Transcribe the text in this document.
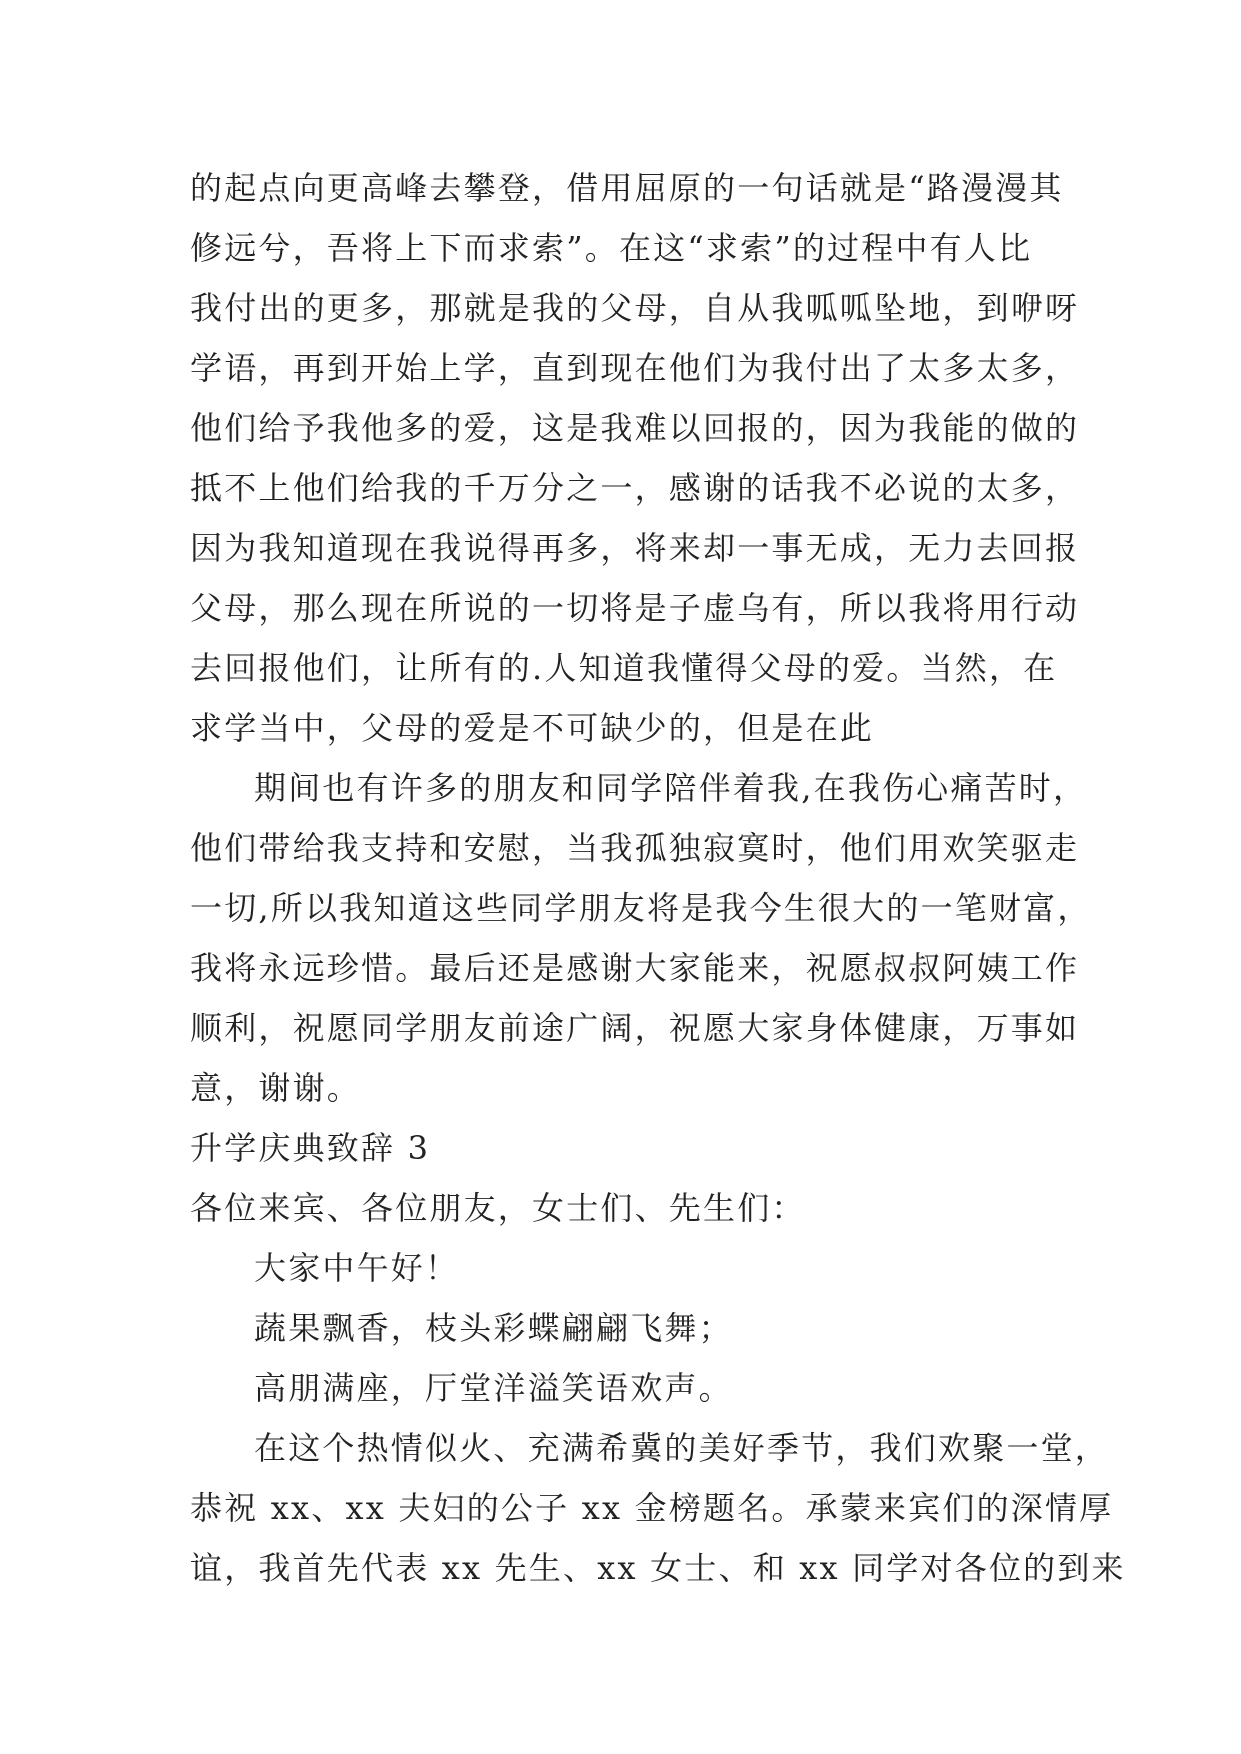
的起点向更高峰去攀登，借用屈原的一句话就是“路漫漫其
修远兮，吾将上下而求索”。在这“求索”的过程中有人比
我付出的更多，那就是我的父母，自从我呱呱坠地，到咿呀
学语，再到开始上学，直到现在他们为我付出了太多太多，
他们给予我他多的爱，这是我难以回报的，因为我能的做的
抵不上他们给我的千万分之一，感谢的话我不必说的太多，
因为我知道现在我说得再多，将来却一事无成，无力去回报
父母，那么现在所说的一切将是子虚乌有，所以我将用行动
去回报他们，让所有的.人知道我懂得父母的爱。当然，在
求学当中，父母的爱是不可缺少的，但是在此
期间也有许多的朋友和同学陪伴着我,在我伤心痛苦时，
他们带给我支持和安慰，当我孤独寂寞时，他们用欢笑驱走
一切,所以我知道这些同学朋友将是我今生很大的一笔财富，
我将永远珍惜。最后还是感谢大家能来，祝愿叔叔阿姨工作
顺利，祝愿同学朋友前途广阔，祝愿大家身体健康，万事如
意，谢谢。
升学庆典致辞 3
各位来宾、各位朋友，女士们、先生们：
大家中午好！
蔬果飘香，枝头彩蝶翩翩飞舞；
高朋满座，厅堂洋溢笑语欢声。
在这个热情似火、充满希冀的美好季节，我们欢聚一堂，
恭祝 xx、xx 夫妇的公子 xx 金榜题名。承蒙来宾们的深情厚
谊，我首先代表 xx 先生、xx 女士、和 xx 同学对各位的到来
